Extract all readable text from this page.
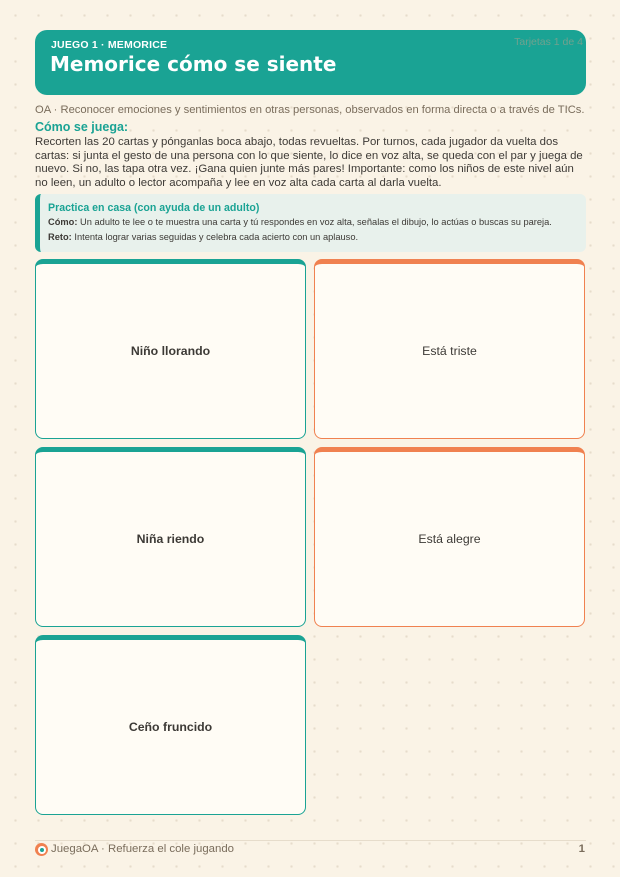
JUEGO 1 · MEMORICE
Memorice cómo se siente
Tarjetas 1 de 4
OA · Reconocer emociones y sentimientos en otras personas, observados en forma directa o a través de TICs.
Cómo se juega:
Recorten las 20 cartas y pónganlas boca abajo, todas revueltas. Por turnos, cada jugador da vuelta dos cartas: si junta el gesto de una persona con lo que siente, lo dice en voz alta, se queda con el par y juega de nuevo. Si no, las tapa otra vez. ¡Gana quien junte más pares! Importante: como los niños de este nivel aún no leen, un adulto o lector acompaña y lee en voz alta cada carta al darla vuelta.
Practica en casa (con ayuda de un adulto)
Cómo: Un adulto te lee o te muestra una carta y tú respondes en voz alta, señalas el dibujo, lo actúas o buscas su pareja.
Reto: Intenta lograr varias seguidas y celebra cada acierto con un aplauso.
Niño llorando	Está triste
Niña riendo	Está alegre
Ceño fruncido
JuegaOA · Refuerza el cole jugando	1
